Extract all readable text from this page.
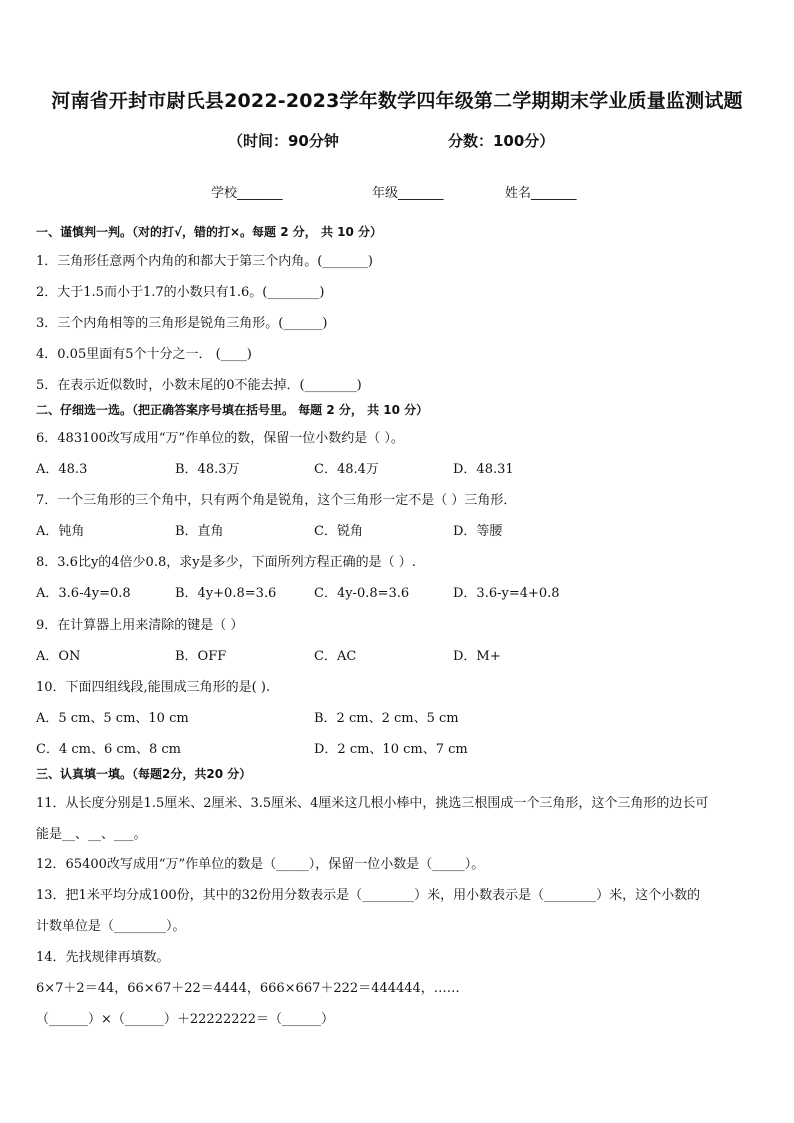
河南省开封市尉氏县2022-2023学年数学四年级第二学期期末学业质量监测试题
（时间：90分钟	分数：100分）
学校_______	年级_______	姓名_______
一、谨慎判一判。（对的打√，错的打×。每题 2 分， 共 10 分）
1．三角形任意两个内角的和都大于第三个内角。(_______)
2．大于1.5而小于1.7的小数只有1.6。(________)
3．三个内角相等的三角形是锐角三角形。(______)
4．0.05里面有5个十分之一． (____)
5．在表示近似数时，小数末尾的0不能去掉．(________)
二、仔细选一选。（把正确答案序号填在括号里。 每题 2 分， 共 10 分）
6．483100改写成用“万”作单位的数，保留一位小数约是（ ）。
A．48.3	B．48.3万	C．48.4万	D．48.31
7．一个三角形的三个角中，只有两个角是锐角，这个三角形一定不是（ ）三角形．
A．钝角	B．直角	C．锐角	D．等腰
8．3.6比y的4倍少0.8，求y是多少，下面所列方程正确的是（ ）.
A．3.6-4y=0.8	B．4y+0.8=3.6	C．4y-0.8=3.6	D．3.6-y=4+0.8
9．在计算器上用来清除的键是（ ）
A．ON	B．OFF	C．AC	D．M+
10．下面四组线段,能围成三角形的是( ).
A．5 cm、5 cm、10 cm	B．2 cm、2 cm、5 cm
C．4 cm、6 cm、8 cm	D．2 cm、10 cm、7 cm
三、认真填一填。（每题2分，共20 分）
11．从长度分别是1.5厘米、2厘米、3.5厘米、4厘米这几根小棒中，挑选三根围成一个三角形，这个三角形的边长可
能是__、__、___。
12．65400改写成用“万”作单位的数是（_____），保留一位小数是（_____）。
13．把1米平均分成100份，其中的32份用分数表示是（________）米，用小数表示是（________）米，这个小数的
计数单位是（________）。
14．先找规律再填数。
6×7＋2＝44，66×67＋22＝4444，666×667＋222＝444444，……
（______）×（______）＋22222222＝（______）
